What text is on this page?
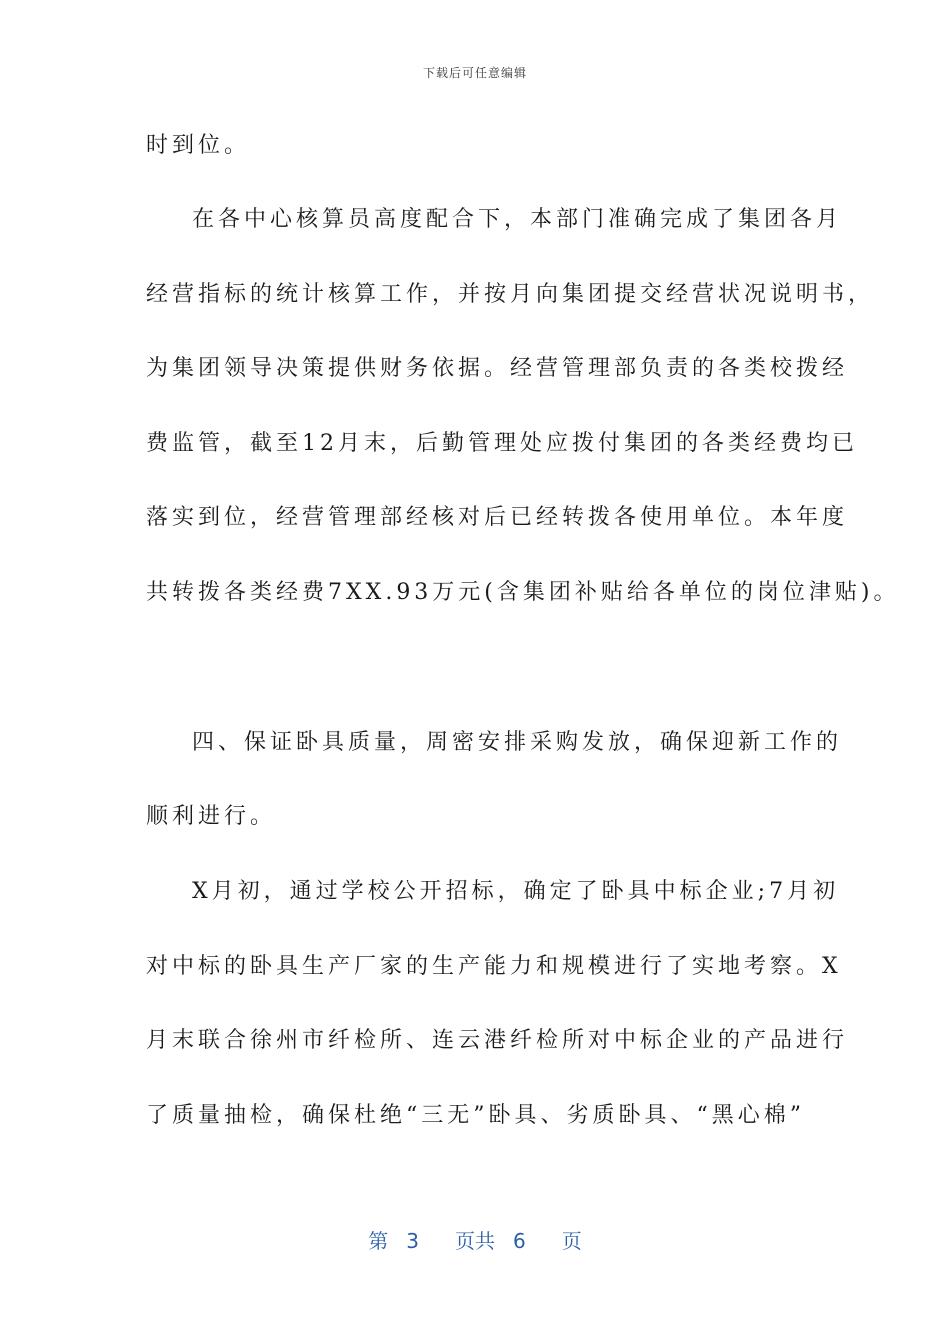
下载后可任意编辑
时到位。
在各中心核算员高度配合下，本部门准确完成了集团各月
经营指标的统计核算工作，并按月向集团提交经营状况说明书，
为集团领导决策提供财务依据。经营管理部负责的各类校拨经
费监管，截至12月末，后勤管理处应拨付集团的各类经费均已
落实到位，经营管理部经核对后已经转拨各使用单位。本年度
共转拨各类经费7XX.93万元(含集团补贴给各单位的岗位津贴)。
四、保证卧具质量，周密安排采购发放，确保迎新工作的
顺利进行。
X月初，通过学校公开招标，确定了卧具中标企业;7月初
对中标的卧具生产厂家的生产能力和规模进行了实地考察。X
月末联合徐州市纤检所、连云港纤检所对中标企业的产品进行
了质量抽检，确保杜绝“三无”卧具、劣质卧具、“黑心棉”
第 3 页共 6 页
